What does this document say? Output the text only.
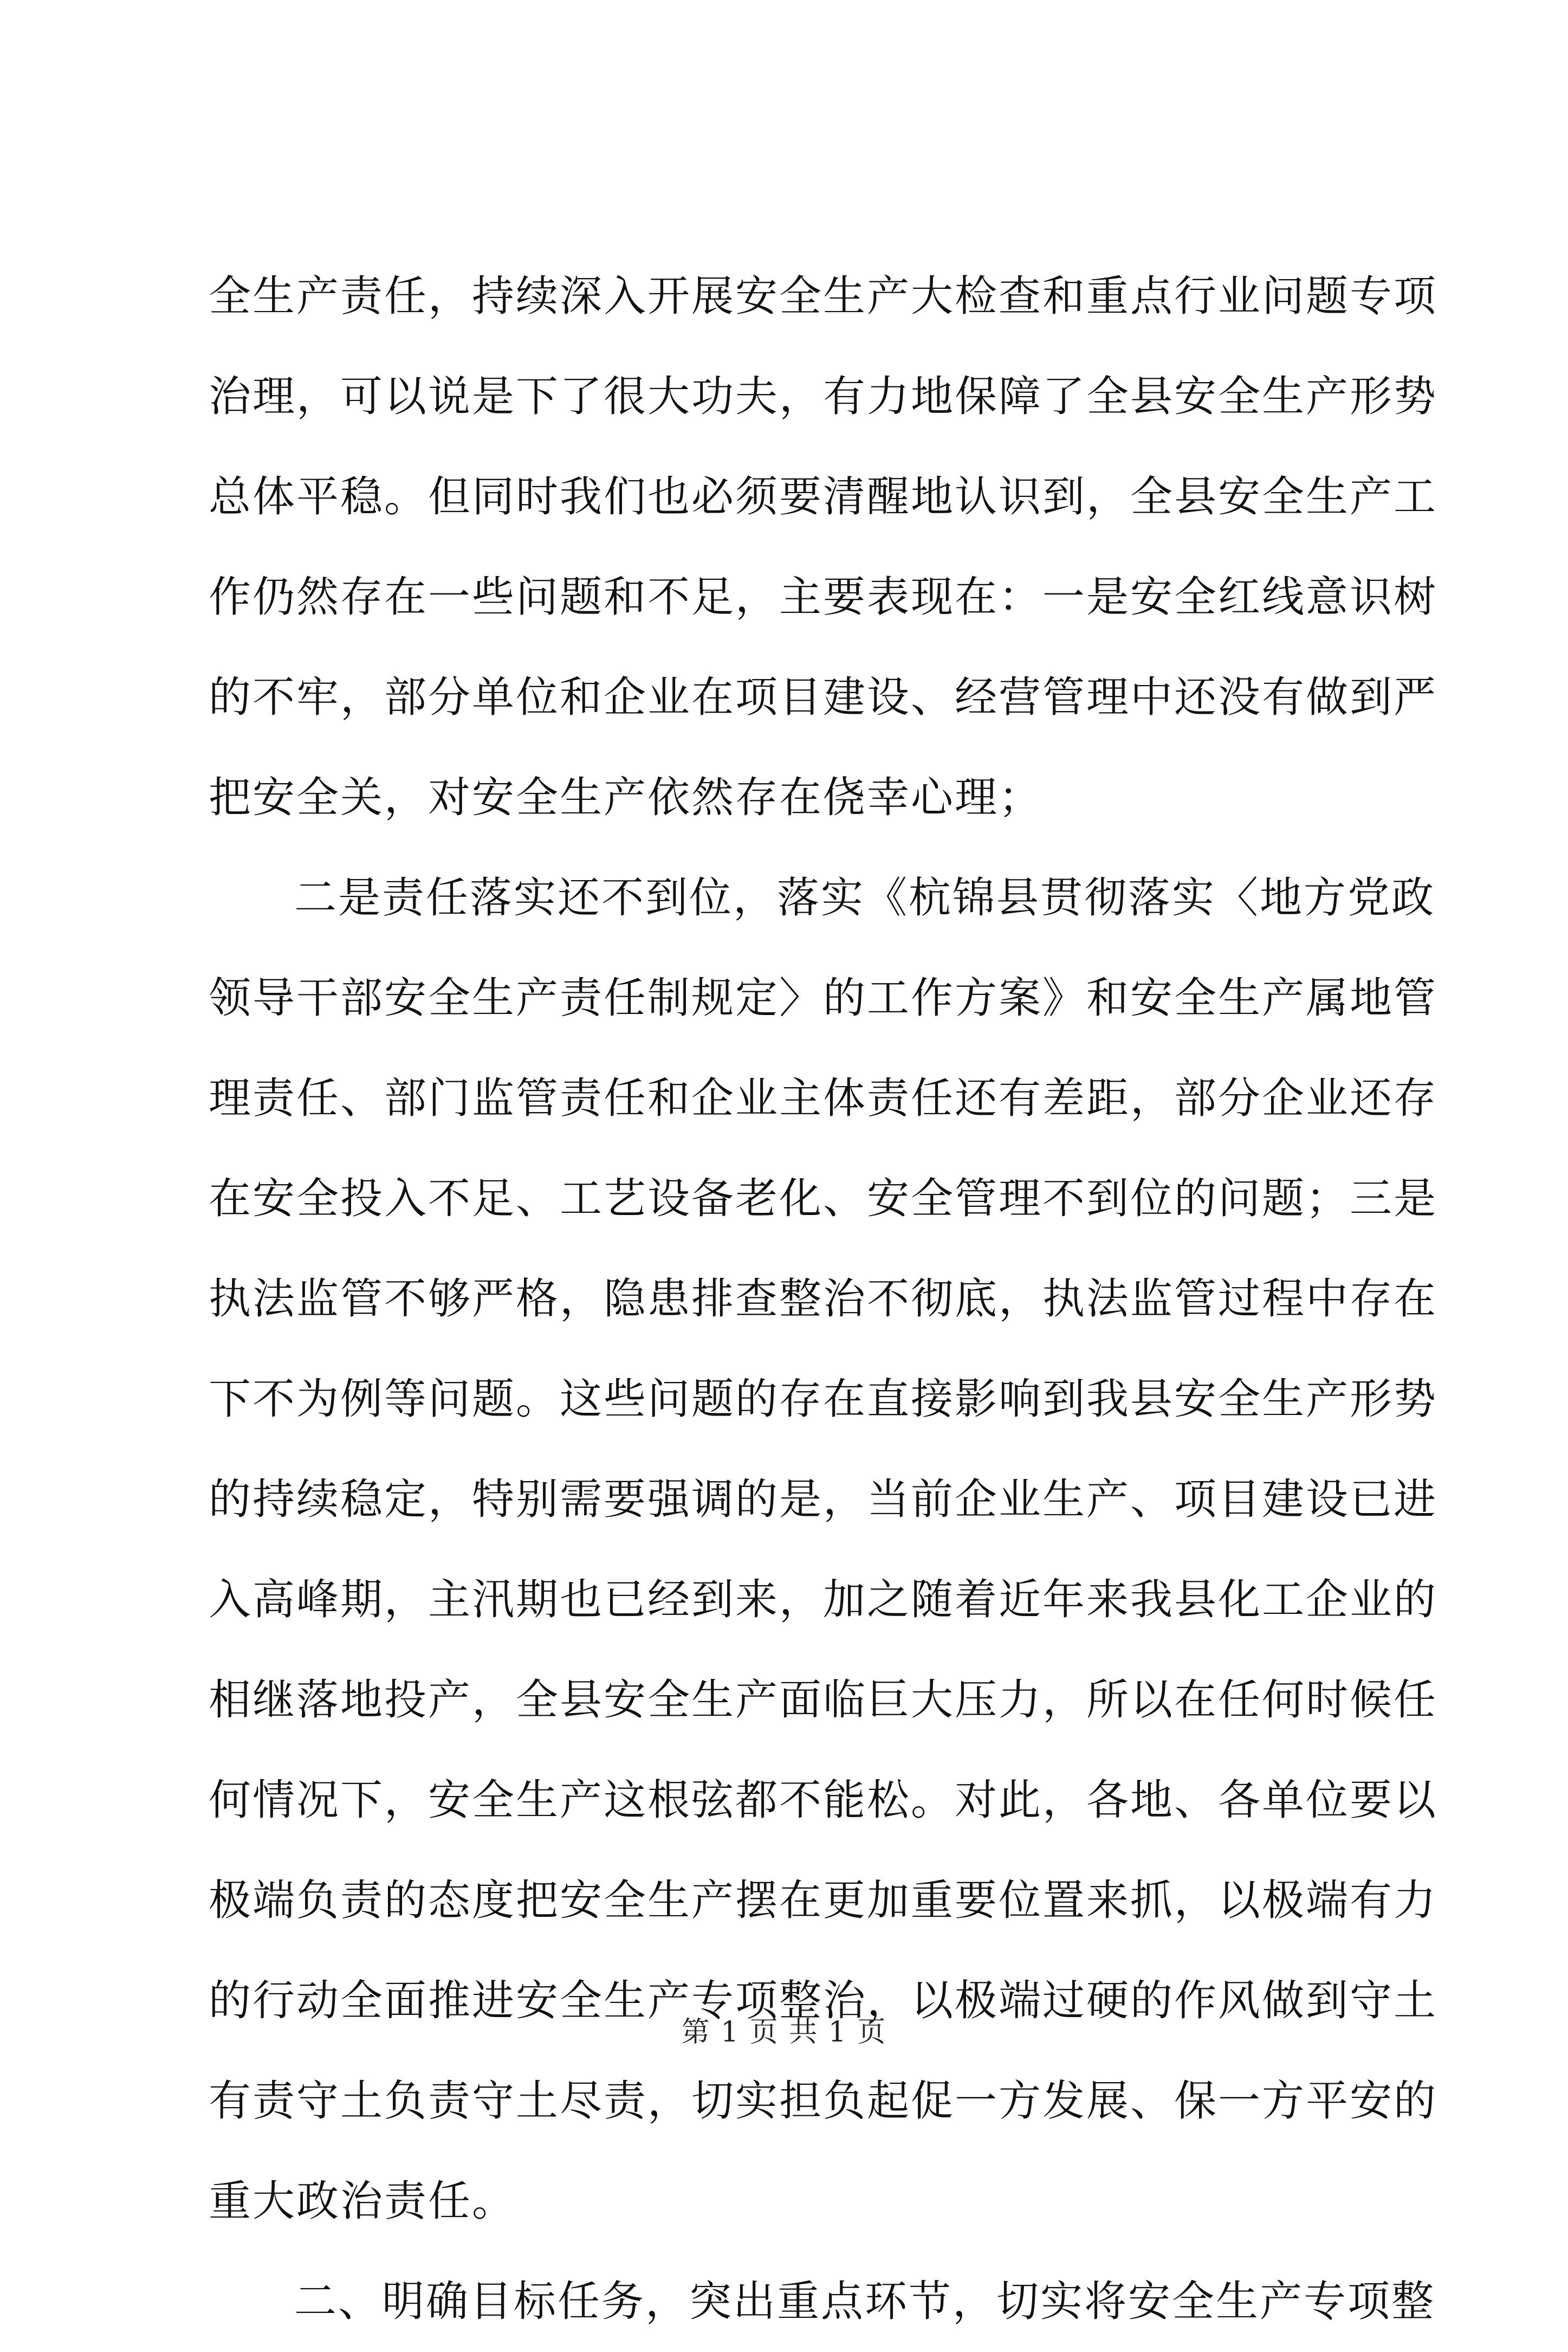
全生产责任，持续深入开展安全生产大检查和重点行业问题专项
治理，可以说是下了很大功夫，有力地保障了全县安全生产形势
总体平稳。但同时我们也必须要清醒地认识到，全县安全生产工
作仍然存在一些问题和不足，主要表现在：一是安全红线意识树
的不牢，部分单位和企业在项目建设、经营管理中还没有做到严
把安全关，对安全生产依然存在侥幸心理；
二是责任落实还不到位，落实《杭锦县贯彻落实〈地方党政
领导干部安全生产责任制规定〉的工作方案》和安全生产属地管
理责任、部门监管责任和企业主体责任还有差距，部分企业还存
在安全投入不足、工艺设备老化、安全管理不到位的问题；三是
执法监管不够严格，隐患排查整治不彻底，执法监管过程中存在
下不为例等问题。这些问题的存在直接影响到我县安全生产形势
的持续稳定，特别需要强调的是，当前企业生产、项目建设已进
入高峰期，主汛期也已经到来，加之随着近年来我县化工企业的
相继落地投产，全县安全生产面临巨大压力，所以在任何时候任
何情况下，安全生产这根弦都不能松。对此，各地、各单位要以
极端负责的态度把安全生产摆在更加重要位置来抓，以极端有力
的行动全面推进安全生产专项整治，以极端过硬的作风做到守土
有责守土负责守土尽责，切实担负起促一方发展、保一方平安的
重大政治责任。
二、明确目标任务，突出重点环节，切实将安全生产专项整
第 1 页 共 1 页
